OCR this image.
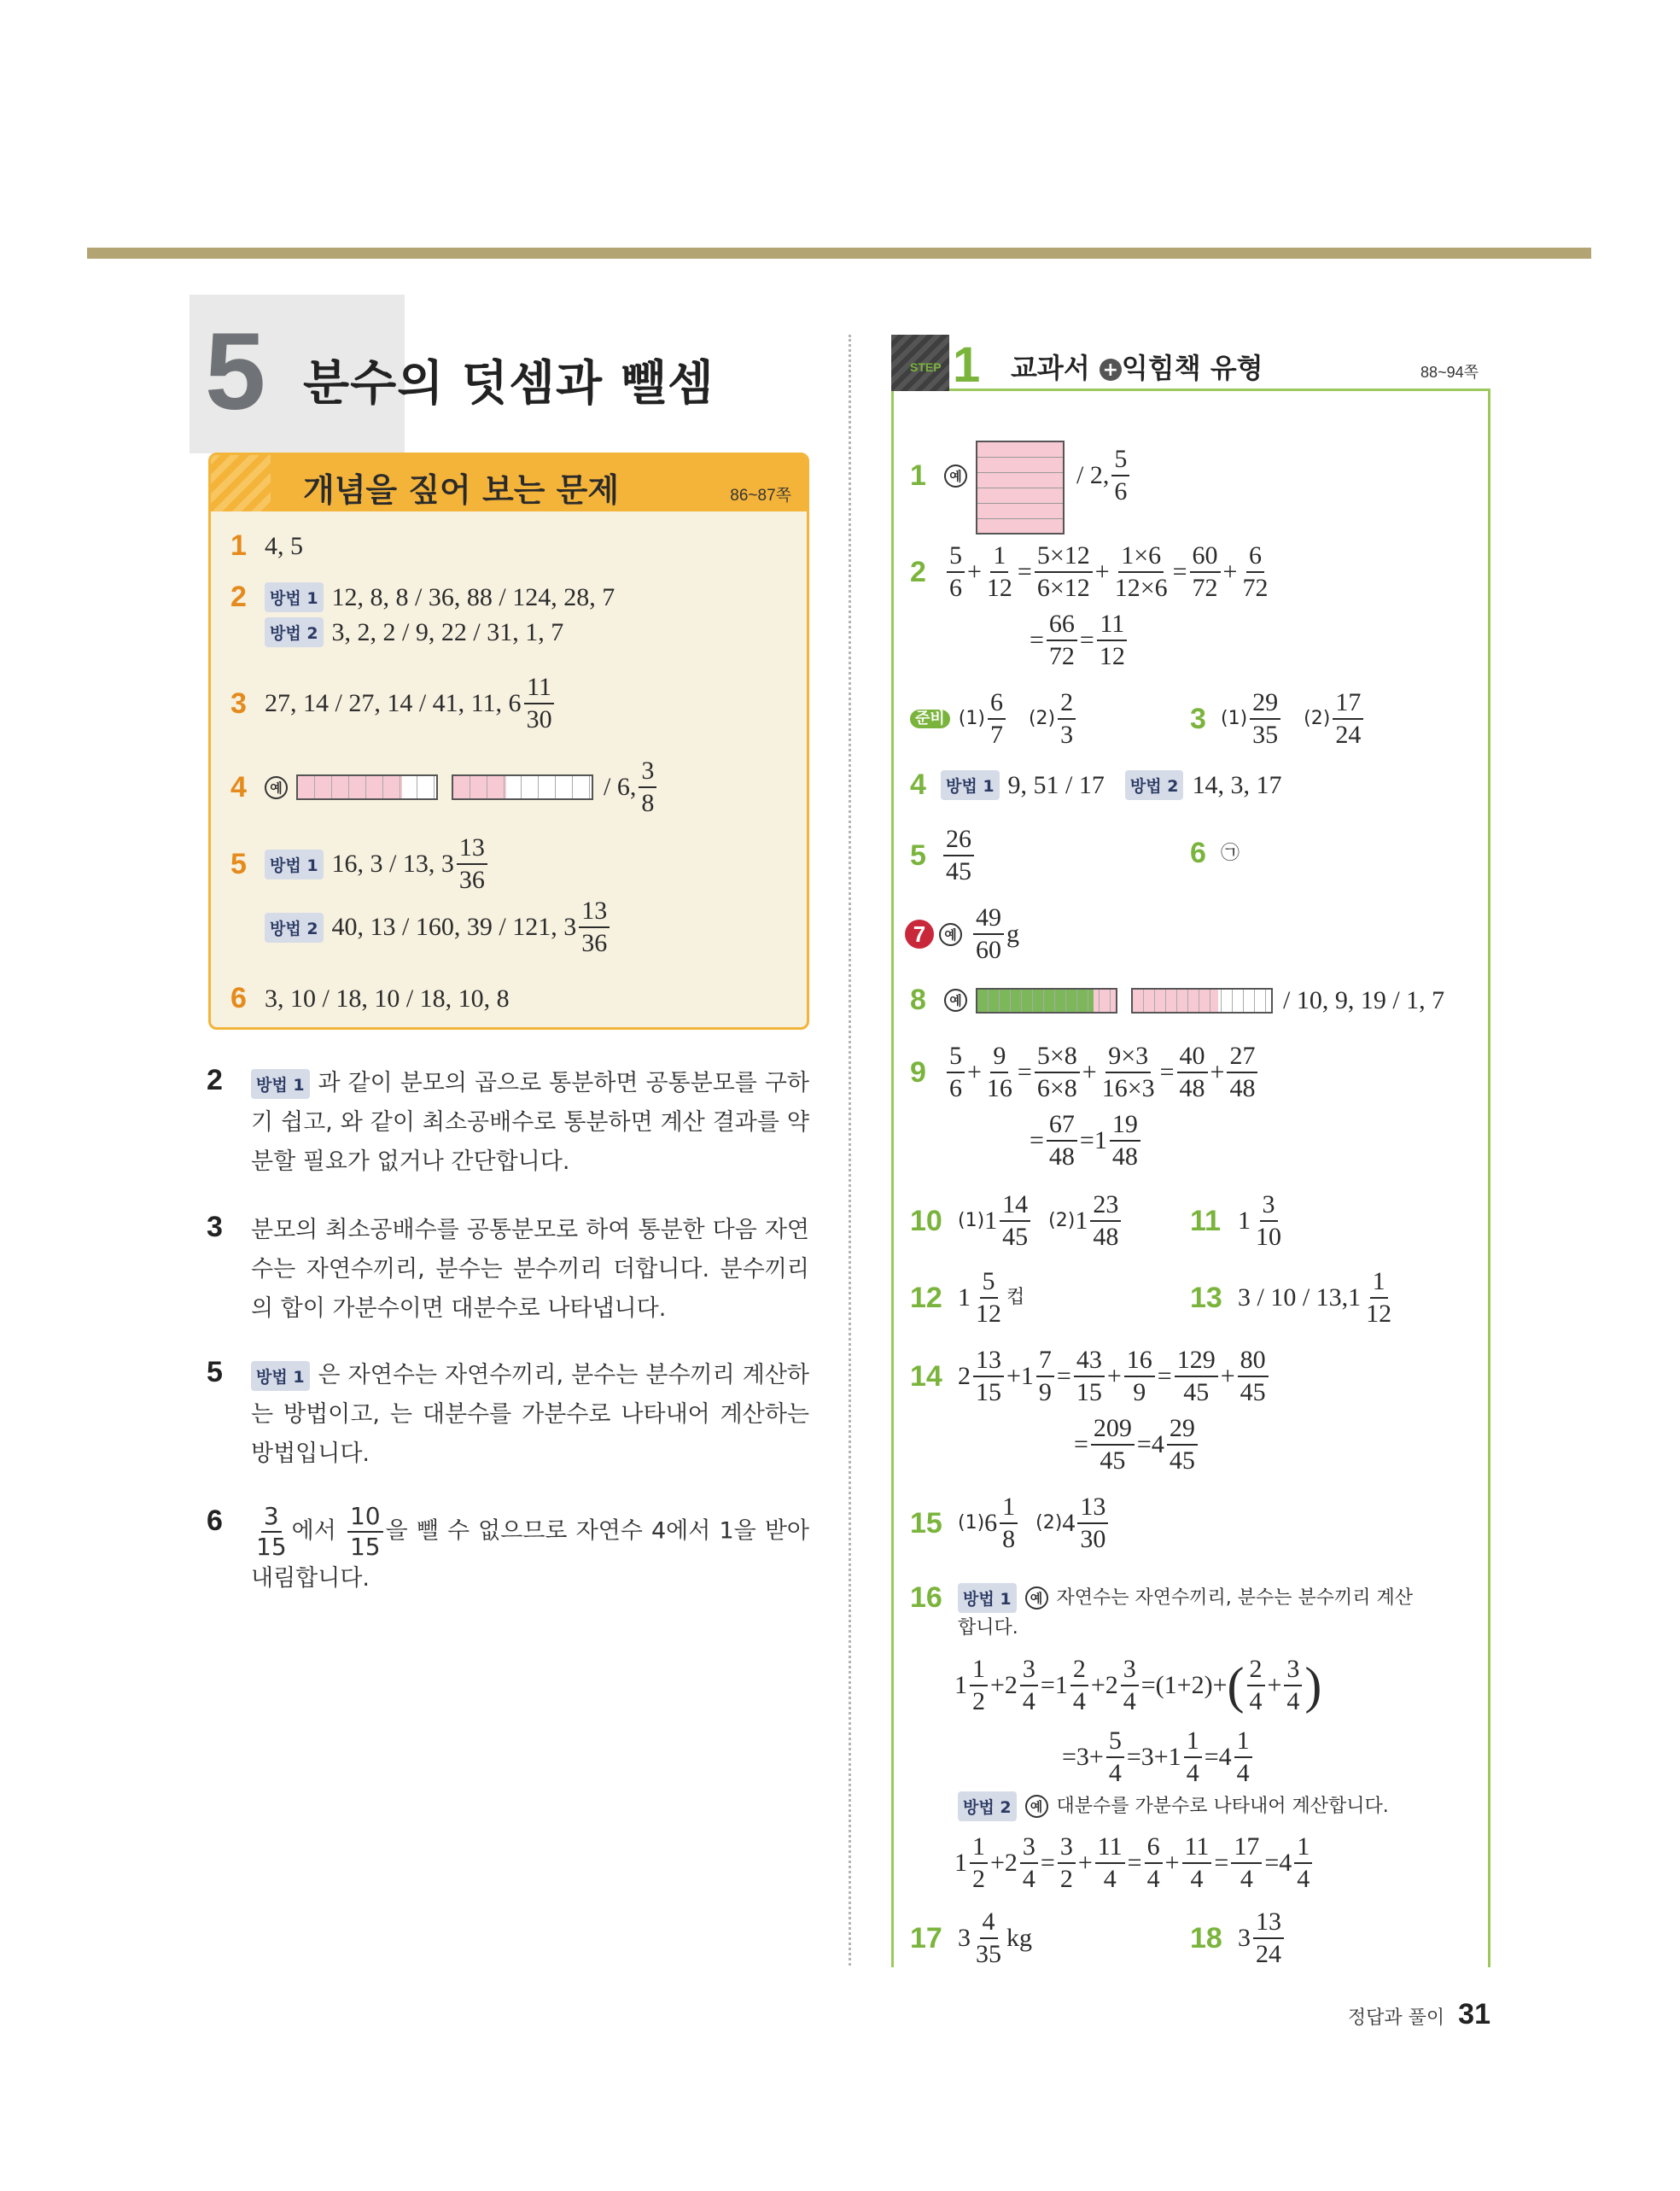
5 분수의 덧셈과 뺄셈
개념을 짚어 보는 문제	86~87쪽
1 4, 5
2	방법 1 12, 8, 8 / 36, 88 / 124, 28, 7
방법 2 3, 2, 2 / 9, 22 / 31, 1, 7
3 27, 14 / 27, 14 / 41, 11, $6 \frac{11}{30}$
4	예	/ 6, $\frac{3}{8}$
5	방법 1 16, 3 / 13, $3 \frac{13}{36}$
방법 2 40, 13 / 160, 39 / 121, $3 \frac{13}{36}$
6 3, 10 / 18, 10 / 18, 10, 8
2	방법 1 과 같이 분모의 곱으로 통분하면 공통분모를 구하기 쉽고, 와 같이 최소공배수로 통분하면 계산 결과를 약분할 필요가 없거나 간단합니다.
3 분모의 최소공배수를 공통분모로 하여 통분한 다음 자연수는 자연수끼리, 분수는 분수끼리 더합니다. 분수끼리의 합이 가분수이면 대분수로 나타냅니다.
5	방법 1 은 자연수는 자연수끼리, 분수는 분수끼리 계산하는 방법이고, 는 대분수를 가분수로 나타내어 계산하는 방법입니다.
$6 \frac{3}{15}$ 에서 $\frac{10}{15}$ 을 뺄 수 없으므로 자연수 4에서 1을 받아내림합니다.
STEP 1 교과서 + 익힘책 유형	88~94쪽
1	예	/ 2, $\frac{5}{6}$
$2 \frac{5}{6} + \frac{1}{12} = \frac{5\times 12}{6\times 12} + \frac{1\times 6}{12\times 6} = \frac{60}{72} + \frac{6}{72}$
= $\frac{66}{72} = \frac{11}{12}$
준비 $(1) \frac{6}{7} (2) \frac{2}{3}$	3 $(1) \frac{29}{35} (2) \frac{17}{24}$
4	방법 1 9, 51 / 17	방법 2 14, 3, 17
$5 \frac{26}{45}$	6 ㉠
7	예 $\frac{49}{60}$ g
8	예	/ 10, 9, 19 / 1, 7
$9 \frac{5}{6} + \frac{9}{16} = \frac{5\times 8}{6\times 8} + \frac{9\times 3}{16\times 3} = \frac{40}{48} + \frac{27}{48}$
= $\frac{67}{48} =1 \frac{19}{48}$
10 (1) $1 \frac{14}{45} (2)$ $1 \frac{23}{48} 11$ $1 \frac{3}{10}$
12 $1 \frac{5}{12}$ 컵	13 3 / 10 / 13, $1 \frac{1}{12}$
14 $2 \frac{13}{15} +1 \frac{7}{9} = \frac{43}{15} + \frac{16}{9} = \frac{129}{45} + \frac{80}{45}$
= $\frac{209}{45} =4 \frac{29}{45}$
15 (1) $6 \frac{1}{8} (2)$ $4 \frac{13}{30}$
16	방법 1	예 자연수는 자연수끼리, 분수는 분수끼리 계산
합니다.
$1 \frac{1}{2} +2 \frac{3}{4} =1 \frac{2}{4} +2 \frac{3}{4} =(1+2)+$ ( $\frac{2}{4} + \frac{3}{4}$ )
$=3+ \frac{5}{4} =3+1 \frac{1}{4} =4 \frac{1}{4}$
방법 2	예 대분수를 가분수로 나타내어 계산합니다.
$1 \frac{1}{2} +2 \frac{3}{4} = \frac{3}{2} + \frac{11}{4} = \frac{6}{4} + \frac{11}{4} = \frac{17}{4} =4 \frac{1}{4}$
17 $3 \frac{4}{35}$ kg	18 $3 \frac{13}{24}$
정답과 풀이 31
